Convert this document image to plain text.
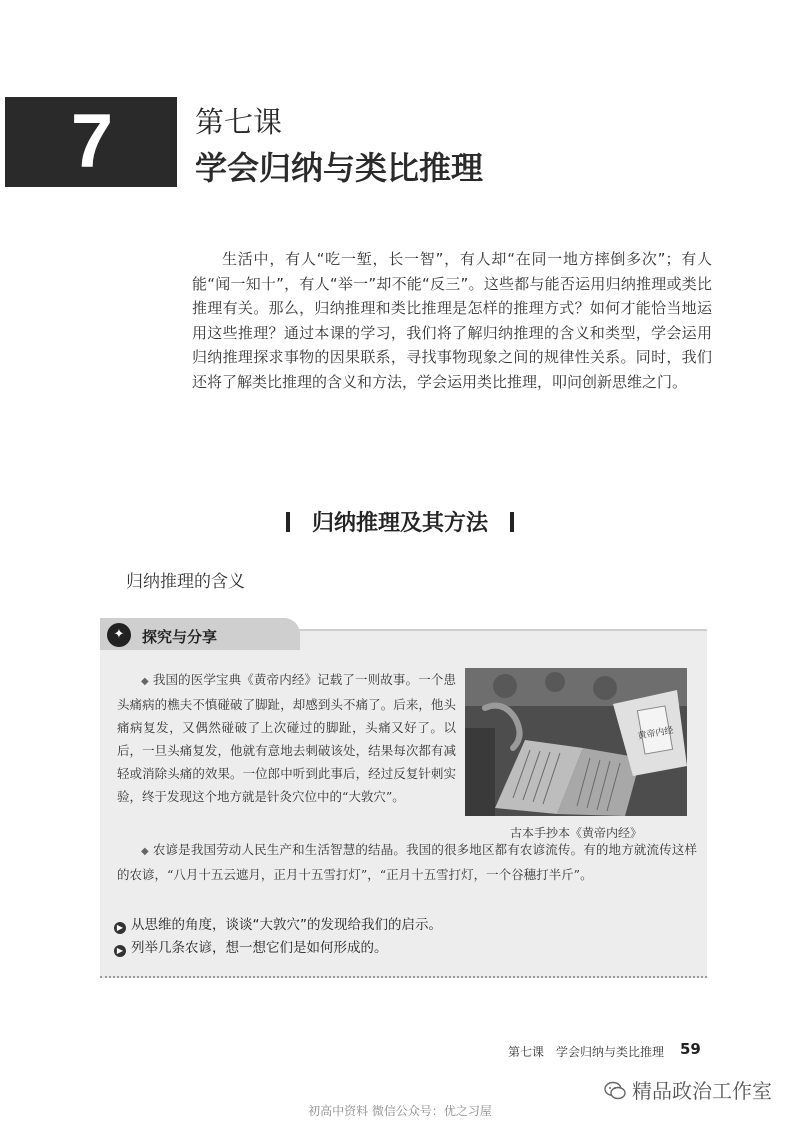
7	第七课
学会归纳与类比推理

生活中，有人“吃一堑，长一智”，有人却“在同一地方摔倒多次”；有人能“闻一知十”，有人“举一”却不能“反三”。这些都与能否运用归纳推理或类比推理有关。那么，归纳推理和类比推理是怎样的推理方式？如何才能恰当地运用这些推理？通过本课的学习，我们将了解归纳推理的含义和类型，学会运用归纳推理探求事物的因果联系，寻找事物现象之间的规律性关系。同时，我们还将了解类比推理的含义和方法，学会运用类比推理，叩问创新思维之门。

归纳推理及其方法
归纳推理的含义
✦	探究与分享

◆ 我国的医学宝典《黄帝内经》记载了一则故事。一个患头痛病的樵夫不慎碰破了脚趾，却感到头不痛了。后来，他头痛病复发，又偶然碰破了上次碰过的脚趾，头痛又好了。以后，一旦头痛复发，他就有意地去刺破该处，结果每次都有减轻或消除头痛的效果。一位郎中听到此事后，经过反复针刺实验，终于发现这个地方就是针灸穴位中的“大敦穴”。

黄帝内经
古本手抄本《黄帝内经》

◆ 农谚是我国劳动人民生产和生活智慧的结晶。我国的很多地区都有农谚流传。有的地方就流传这样的农谚，“八月十五云遮月，正月十五雪打灯”，“正月十五雪打灯，一个谷穗打半斤”。

▶ 从思维的角度，谈谈“大敦穴”的发现给我们的启示。
▶ 列举几条农谚，想一想它们是如何形成的。
第七课　学会归纳与类比推理 59
精品政治工作室
初高中资料 微信公众号：优之习屋
